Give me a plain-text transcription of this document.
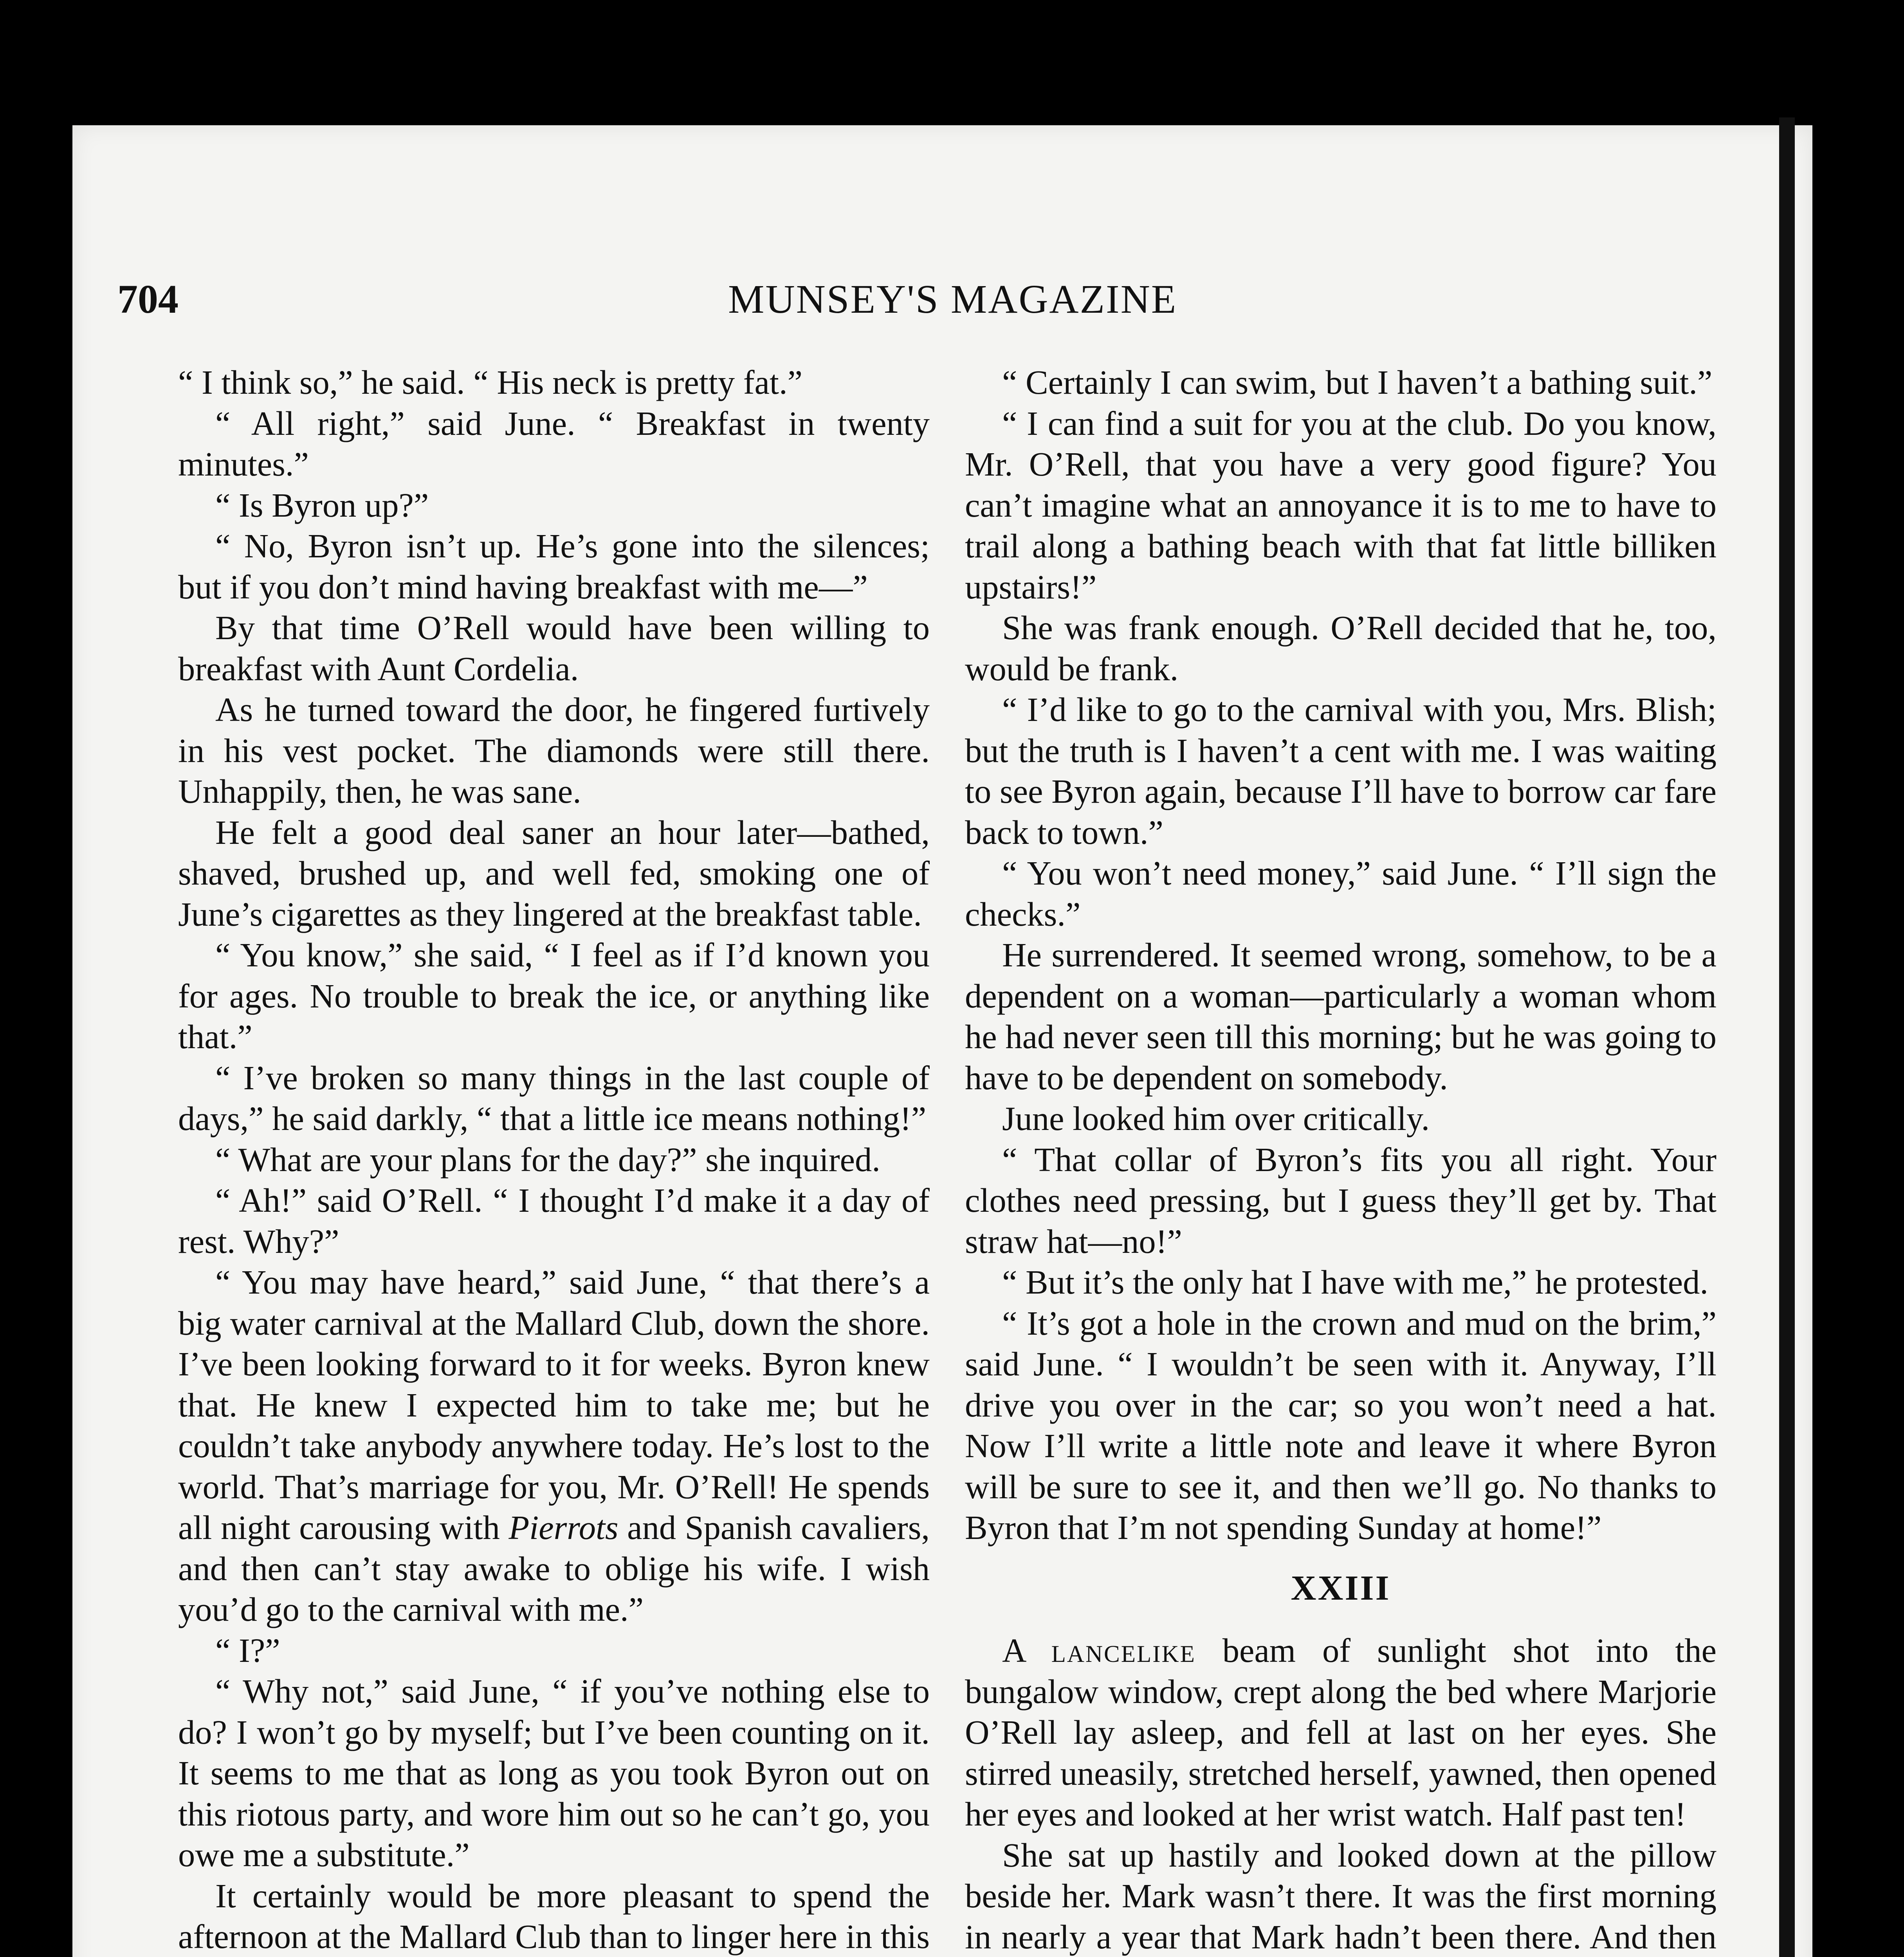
704	MUNSEY'S MAGAZINE

“ I think so,” he said. “ His neck is pretty fat.”

“ All right,” said June. “ Breakfast in twenty minutes.”

“ Is Byron up?”

“ No, Byron isn’t up. He’s gone into the silences; but if you don’t mind having breakfast with me—”

By that time O’Rell would have been willing to breakfast with Aunt Cordelia.

As he turned toward the door, he fingered furtively in his vest pocket. The diamonds were still there. Unhappily, then, he was sane.

He felt a good deal saner an hour later—bathed, shaved, brushed up, and well fed, smoking one of June’s cigarettes as they lingered at the breakfast table.

“ You know,” she said, “ I feel as if I’d known you for ages. No trouble to break the ice, or anything like that.”

“ I’ve broken so many things in the last couple of days,” he said darkly, “ that a little ice means nothing!”

“ What are your plans for the day?” she inquired.

“ Ah!” said O’Rell. “ I thought I’d make it a day of rest. Why?”

“ You may have heard,” said June, “ that there’s a big water carnival at the Mallard Club, down the shore. I’ve been looking forward to it for weeks. Byron knew that. He knew I expected him to take me; but he couldn’t take anybody anywhere today. He’s lost to the world. That’s marriage for you, Mr. O’Rell! He spends all night carousing with Pierrots and Spanish cavaliers, and then can’t stay awake to oblige his wife. I wish you’d go to the carnival with me.”

“ I?”

“ Why not,” said June, “ if you’ve nothing else to do? I won’t go by myself; but I’ve been counting on it. It seems to me that as long as you took Byron out on this riotous party, and wore him out so he can’t go, you owe me a substitute.”

It certainly would be more pleasant to spend the afternoon at the Mallard Club than to linger here in this

“ Certainly I can swim, but I haven’t a bathing suit.”

“ I can find a suit for you at the club. Do you know, Mr. O’Rell, that you have a very good figure? You can’t imagine what an annoyance it is to me to have to trail along a bathing beach with that fat little billiken upstairs!”

She was frank enough. O’Rell decided that he, too, would be frank.

“ I’d like to go to the carnival with you, Mrs. Blish; but the truth is I haven’t a cent with me. I was waiting to see Byron again, because I’ll have to borrow car fare back to town.”

“ You won’t need money,” said June. “ I’ll sign the checks.”

He surrendered. It seemed wrong, somehow, to be a dependent on a woman—particularly a woman whom he had never seen till this morning; but he was going to have to be dependent on somebody.

June looked him over critically.

“ That collar of Byron’s fits you all right. Your clothes need pressing, but I guess they’ll get by. That straw hat—no!”

“ But it’s the only hat I have with me,” he protested.

“ It’s got a hole in the crown and mud on the brim,” said June. “ I wouldn’t be seen with it. Anyway, I’ll drive you over in the car; so you won’t need a hat. Now I’ll write a little note and leave it where Byron will be sure to see it, and then we’ll go. No thanks to Byron that I’m not spending Sunday at home!”

XXIII

A lancelike beam of sunlight shot into the bungalow window, crept along the bed where Marjorie O’Rell lay asleep, and fell at last on her eyes. She stirred uneasily, stretched herself, yawned, then opened her eyes and looked at her wrist watch. Half past ten!

She sat up hastily and looked down at the pillow beside her. Mark wasn’t there. It was the first morning in nearly a year that Mark hadn’t been there. And then
